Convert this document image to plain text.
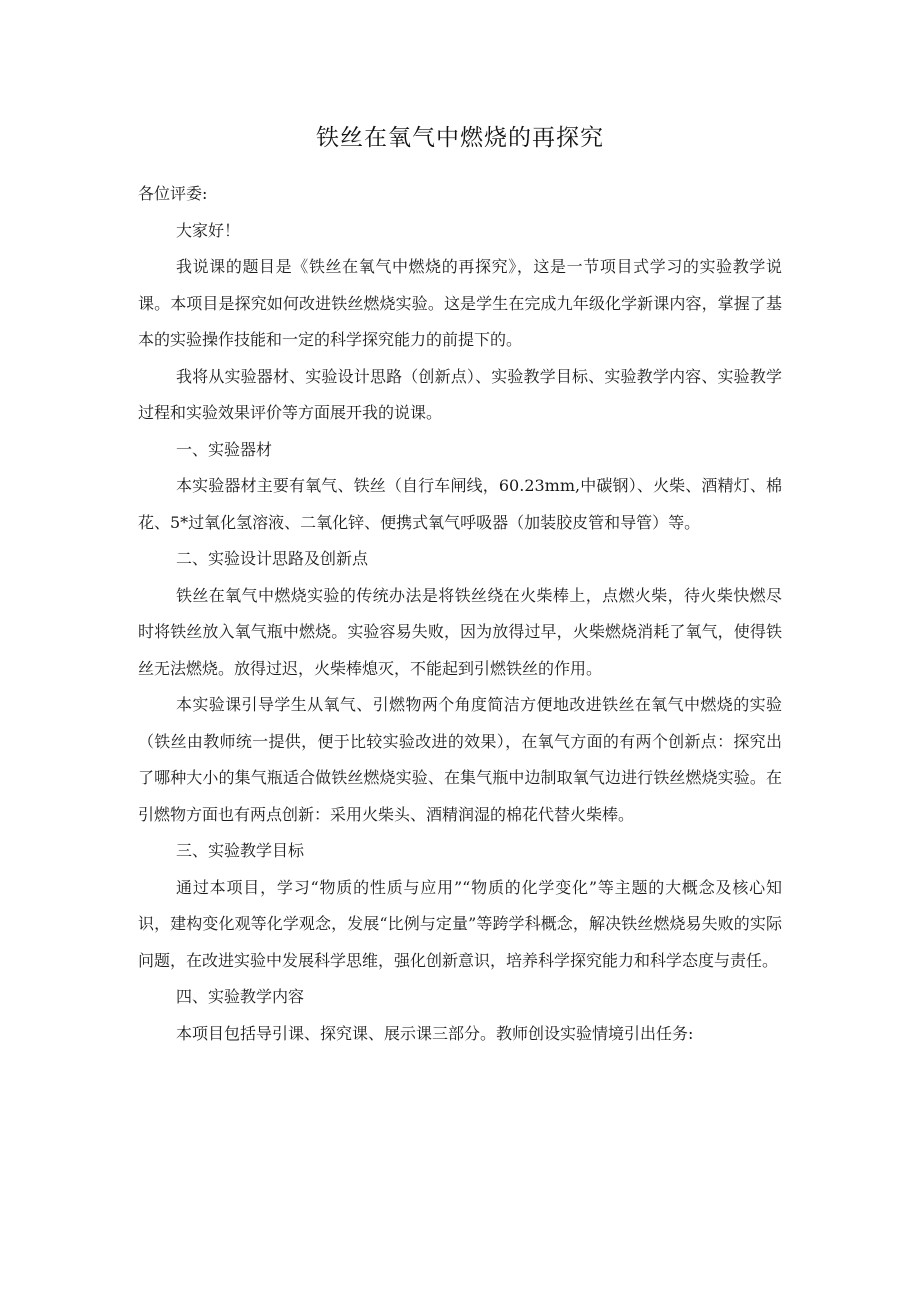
铁丝在氧气中燃烧的再探究

各位评委:

大家好！

我说课的题目是《铁丝在氧气中燃烧的再探究》，这是一节项目式学习的实验教学说课。本项目是探究如何改进铁丝燃烧实验。这是学生在完成九年级化学新课内容，掌握了基本的实验操作技能和一定的科学探究能力的前提下的。

我将从实验器材、实验设计思路（创新点）、实验教学目标、实验教学内容、实验教学过程和实验效果评价等方面展开我的说课。

一、实验器材

本实验器材主要有氧气、铁丝（自行车闸线，60.23mm,中碳钢）、火柴、酒精灯、棉花、5*过氧化氢溶液、二氧化锌、便携式氧气呼吸器（加装胶皮管和导管）等。

二、实验设计思路及创新点

铁丝在氧气中燃烧实验的传统办法是将铁丝绕在火柴棒上，点燃火柴，待火柴快燃尽时将铁丝放入氧气瓶中燃烧。实验容易失败，因为放得过早，火柴燃烧消耗了氧气，使得铁丝无法燃烧。放得过迟，火柴棒熄灭，不能起到引燃铁丝的作用。

本实验课引导学生从氧气、引燃物两个角度简洁方便地改进铁丝在氧气中燃烧的实验（铁丝由教师统一提供，便于比较实验改进的效果），在氧气方面的有两个创新点：探究出了哪种大小的集气瓶适合做铁丝燃烧实验、在集气瓶中边制取氧气边进行铁丝燃烧实验。在引燃物方面也有两点创新：采用火柴头、酒精润湿的棉花代替火柴棒。

三、实验教学目标

通过本项目，学习“物质的性质与应用”“物质的化学变化”等主题的大概念及核心知识，建构变化观等化学观念，发展“比例与定量”等跨学科概念，解决铁丝燃烧易失败的实际问题，在改进实验中发展科学思维，强化创新意识，培养科学探究能力和科学态度与责任。

四、实验教学内容

本项目包括导引课、探究课、展示课三部分。教师创设实验情境引出任务:
